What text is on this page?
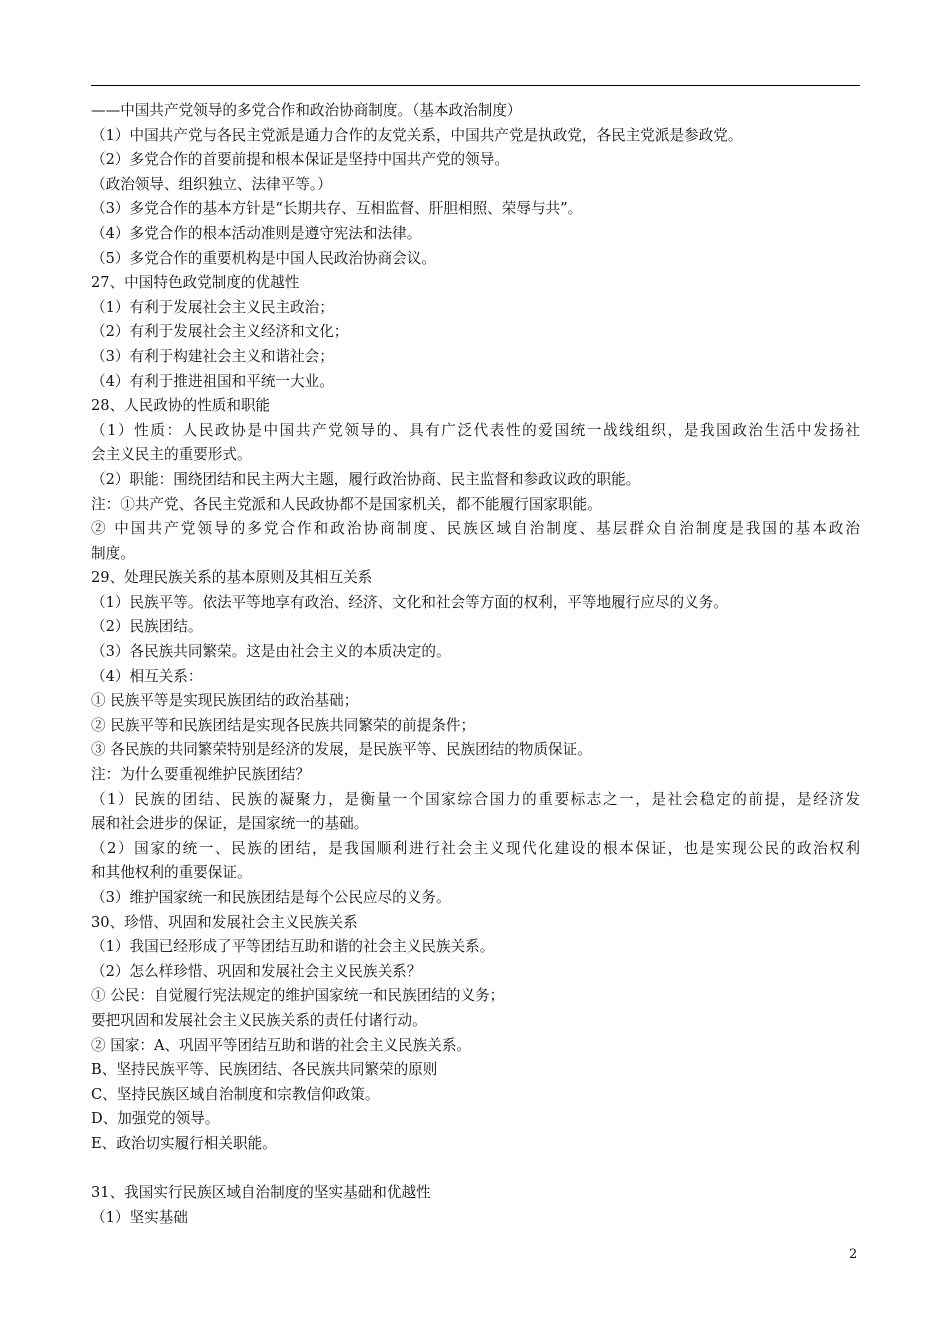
——中国共产党领导的多党合作和政治协商制度。（基本政治制度）
（1）中国共产党与各民主党派是通力合作的友党关系，中国共产党是执政党，各民主党派是参政党。
（2）多党合作的首要前提和根本保证是坚持中国共产党的领导。
（政治领导、组织独立、法律平等。）
（3）多党合作的基本方针是“长期共存、互相监督、肝胆相照、荣辱与共”。
（4）多党合作的根本活动准则是遵守宪法和法律。
（5）多党合作的重要机构是中国人民政治协商会议。
27、中国特色政党制度的优越性
（1）有利于发展社会主义民主政治；
（2）有利于发展社会主义经济和文化；
（3）有利于构建社会主义和谐社会；
（4）有利于推进祖国和平统一大业。
28、人民政协的性质和职能
（1）性质：人民政协是中国共产党领导的、具有广泛代表性的爱国统一战线组织，是我国政治生活中发扬社
会主义民主的重要形式。
（2）职能：围绕团结和民主两大主题，履行政治协商、民主监督和参政议政的职能。
注：①共产党、各民主党派和人民政协都不是国家机关，都不能履行国家职能。
② 中国共产党领导的多党合作和政治协商制度、民族区域自治制度、基层群众自治制度是我国的基本政治
制度。
29、处理民族关系的基本原则及其相互关系
（1）民族平等。依法平等地享有政治、经济、文化和社会等方面的权利，平等地履行应尽的义务。
（2）民族团结。
（3）各民族共同繁荣。这是由社会主义的本质决定的。
（4）相互关系：
① 民族平等是实现民族团结的政治基础；
② 民族平等和民族团结是实现各民族共同繁荣的前提条件；
③ 各民族的共同繁荣特别是经济的发展，是民族平等、民族团结的物质保证。
注：为什么要重视维护民族团结？
（1）民族的团结、民族的凝聚力，是衡量一个国家综合国力的重要标志之一，是社会稳定的前提，是经济发
展和社会进步的保证，是国家统一的基础。
（2）国家的统一、民族的团结，是我国顺利进行社会主义现代化建设的根本保证，也是实现公民的政治权利
和其他权利的重要保证。
（3）维护国家统一和民族团结是每个公民应尽的义务。
30、珍惜、巩固和发展社会主义民族关系
（1）我国已经形成了平等团结互助和谐的社会主义民族关系。
（2）怎么样珍惜、巩固和发展社会主义民族关系？
① 公民：自觉履行宪法规定的维护国家统一和民族团结的义务；
要把巩固和发展社会主义民族关系的责任付诸行动。
② 国家：A、巩固平等团结互助和谐的社会主义民族关系。
B、坚持民族平等、民族团结、各民族共同繁荣的原则
C、坚持民族区域自治制度和宗教信仰政策。
D、加强党的领导。
E、政治切实履行相关职能。
31、我国实行民族区域自治制度的坚实基础和优越性
（1）坚实基础
2
